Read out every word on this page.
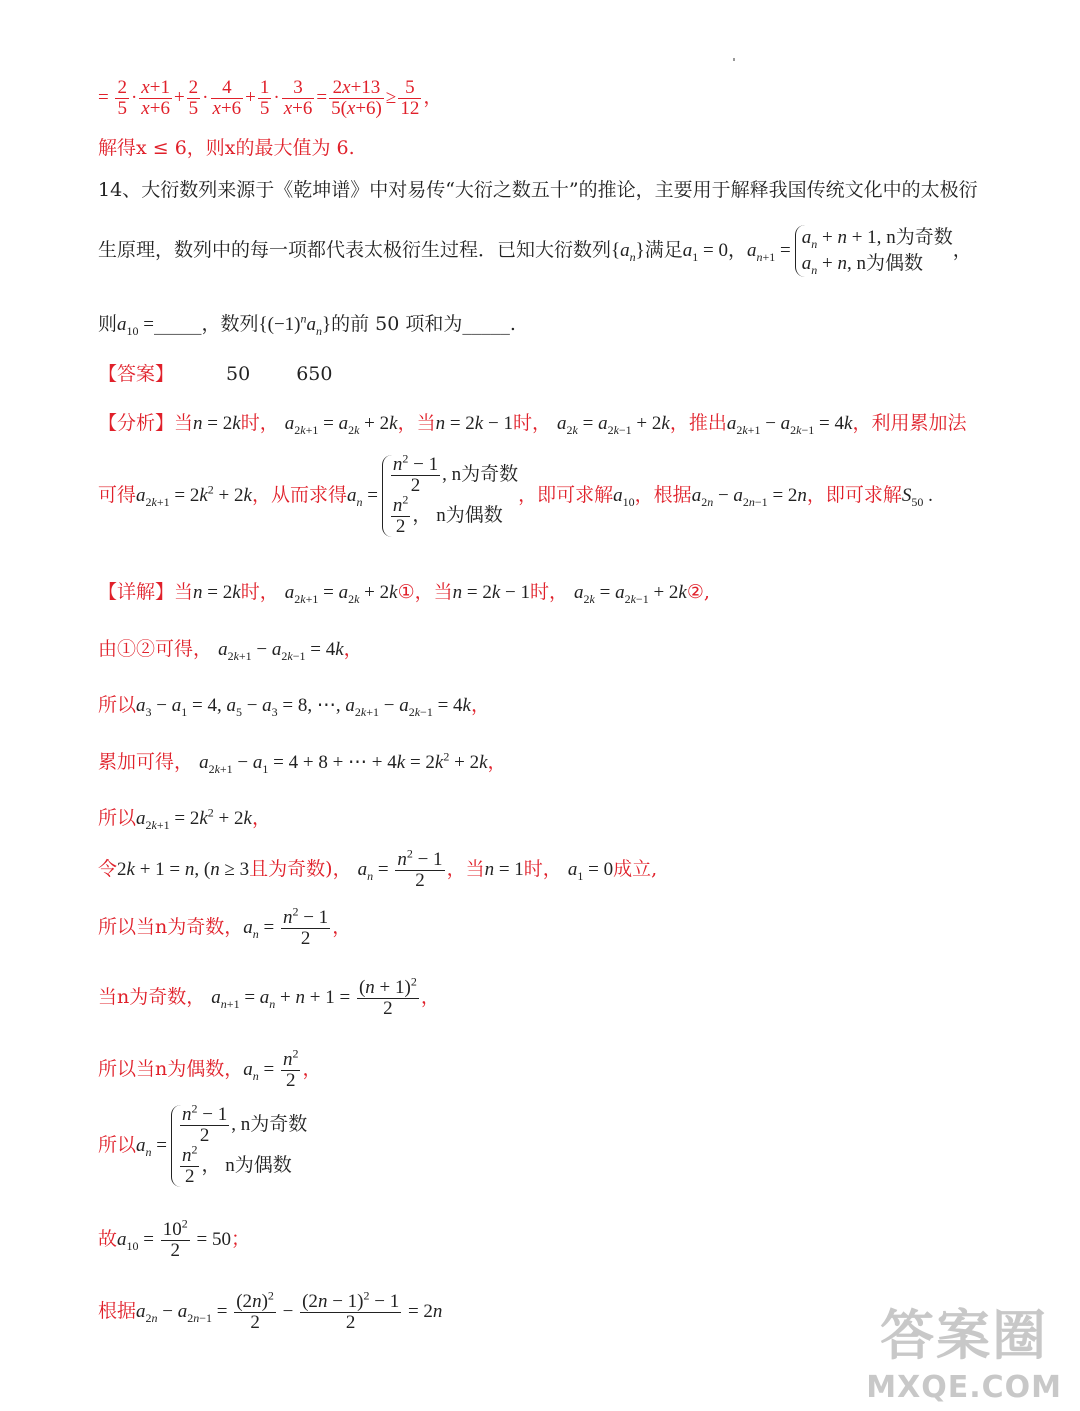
= $\frac{2}{5} \cdot \frac{x+1}{x+6} + \frac{2}{5} \cdot \frac{4}{x+6} + \frac{1}{5} \cdot \frac{3}{x+6} = \frac{2x+13}{5(x+6)} \ge \frac{5}{12}$ ，
解得x ≤ 6，则x的最大值为 6.
14、大衍数列来源于《乾坤谱》中对易传“大衍之数五十”的推论，主要用于解释我国传统文化中的太极衍
生原理，数列中的每一项都代表太极衍生过程．已知大衍数列$\{a_n\}$满足$a_1 = 0$，$a_{n+1}$ =
$a_n + n + 1$, n为奇数
$a_n + n$, n为偶数
，
则$a_{10}$ =_____，数列$\{(-1)^na_n\}$的前 50 项和为_____.
【答案】	50 650
【分析】当n = 2k时， $a_{2k+1} = a_{2k} + 2k$，当n = 2k − 1时， $a_{2k} = a_{2k-1} + 2k$，推出$a_{2k+1} - a_{2k-1} = 4k$，利用累加法
可得$a_{2k+1} = 2k^2 + 2k$，从而求得$a_n = \frac{n^2 - 1}{2}$ , n为奇数
$\frac{n^2}{2}$ ， n为偶数
，即可求解$a_{10}$，根据$a_{2n} - a_{2n-1} = 2n$，即可求解$S_{50}$ .
【详解】当n = 2k时， $a_{2k+1} = a_{2k}$ + 2k①，当n = 2k − 1时， $a_{2k} = a_{2k-1}$ + 2k②,
由①②可得， $a_{2k+1} - a_{2k-1} = 4k$，
所以$a_3 - a_1 = 4$, $a_5 - a_3 = 8$, ⋯, $a_{2k+1} - a_{2k-1} = 4k$，
累加可得， $a_{2k+1} - a_1 = 4 + 8$ + ⋯ + $4k = 2k^2 + 2k$，
所以$a_{2k+1} = 2k^2 + 2k$，
令2k + 1 = n, (n ≥ 3且为奇数)， $a_n = \frac{n^2 - 1}{2}$ ，当n = 1时， $a_1 = 0$成立,
所以当n为奇数，$a_n = \frac{n^2 - 1}{2}$ ，
当n为奇数， $a_{n+1} = a_n + n + 1 = \frac{(n + 1)^2}{2}$ ，
所以当n为偶数，$a_n = \frac{n^2}{2}$ ，
所以$a_n = \frac{n^2 - 1}{2}$ , n为奇数
$\frac{n^2}{2}$ ， n为偶数
故$a_{10} = \frac{10^2}{2} = 50$；
根据$a_{2n} - a_{2n-1} = \frac{(2n)^2}{2} - \frac{(2n - 1)^2 - 1}{2} = 2n$	答案圈
MXQE.COM
